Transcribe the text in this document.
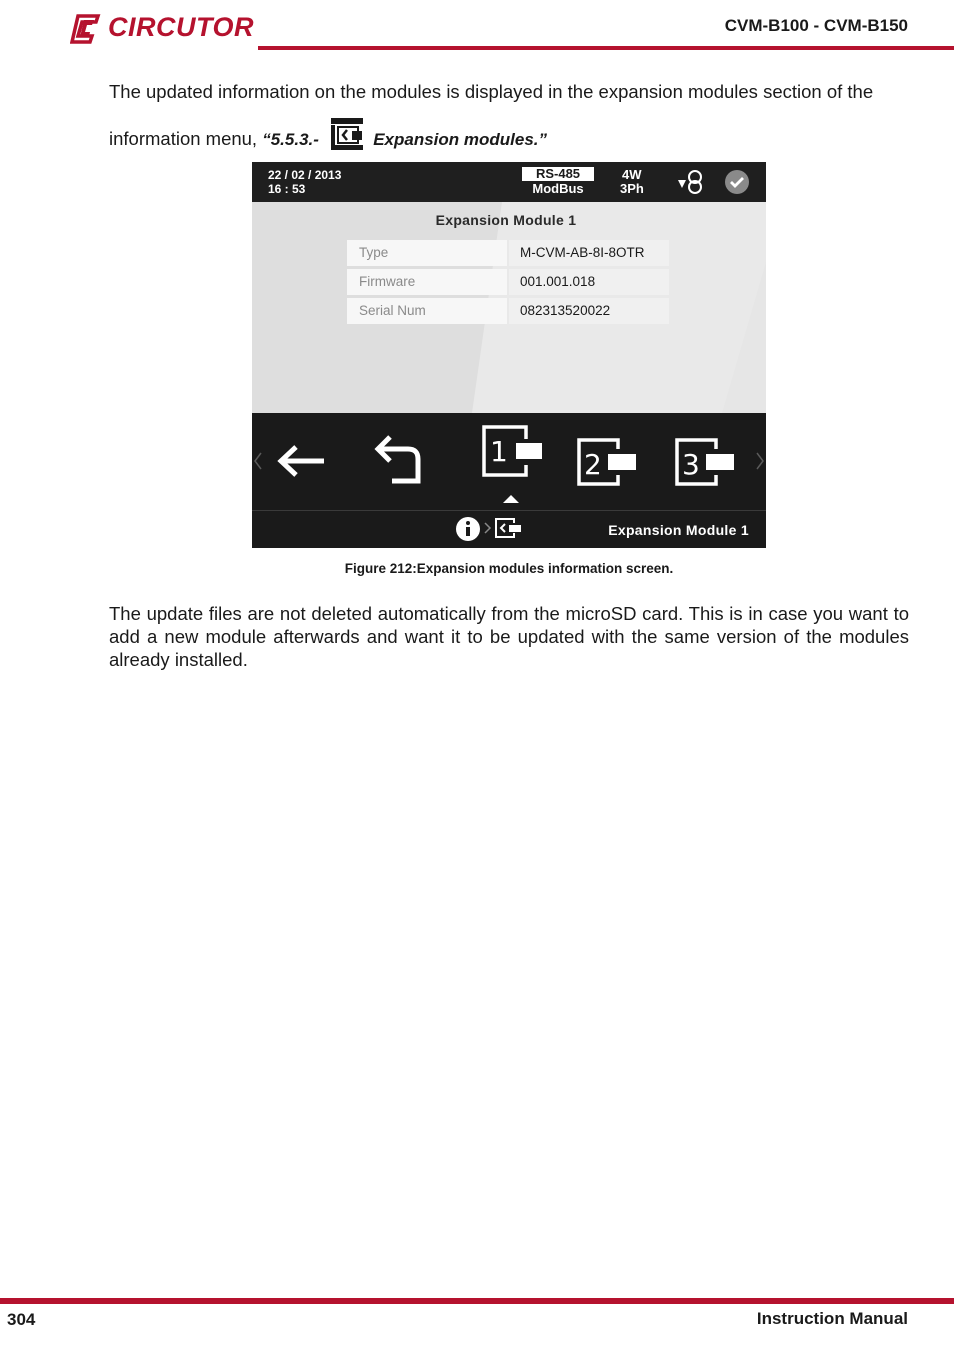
CIRCUTOR	CVM-B100 - CVM-B150
The updated information on the modules is displayed in the expansion modules section of the
information menu, “5.5.3.-	Expansion modules.”
22 / 02 / 2013
16 : 53
RS-485
ModBus
4W
3Ph
Expansion Module 1
Type	M-CVM-AB-8I-8OTR
Firmware	001.001.018
Serial Num	082313520022
1	2	3
Expansion Module 1
Figure 212:Expansion modules information screen.
The update files are not deleted automatically from the microSD card. This is in case you want to add a new module afterwards and want it to be updated with the same version of the modules already installed.
304	Instruction Manual
